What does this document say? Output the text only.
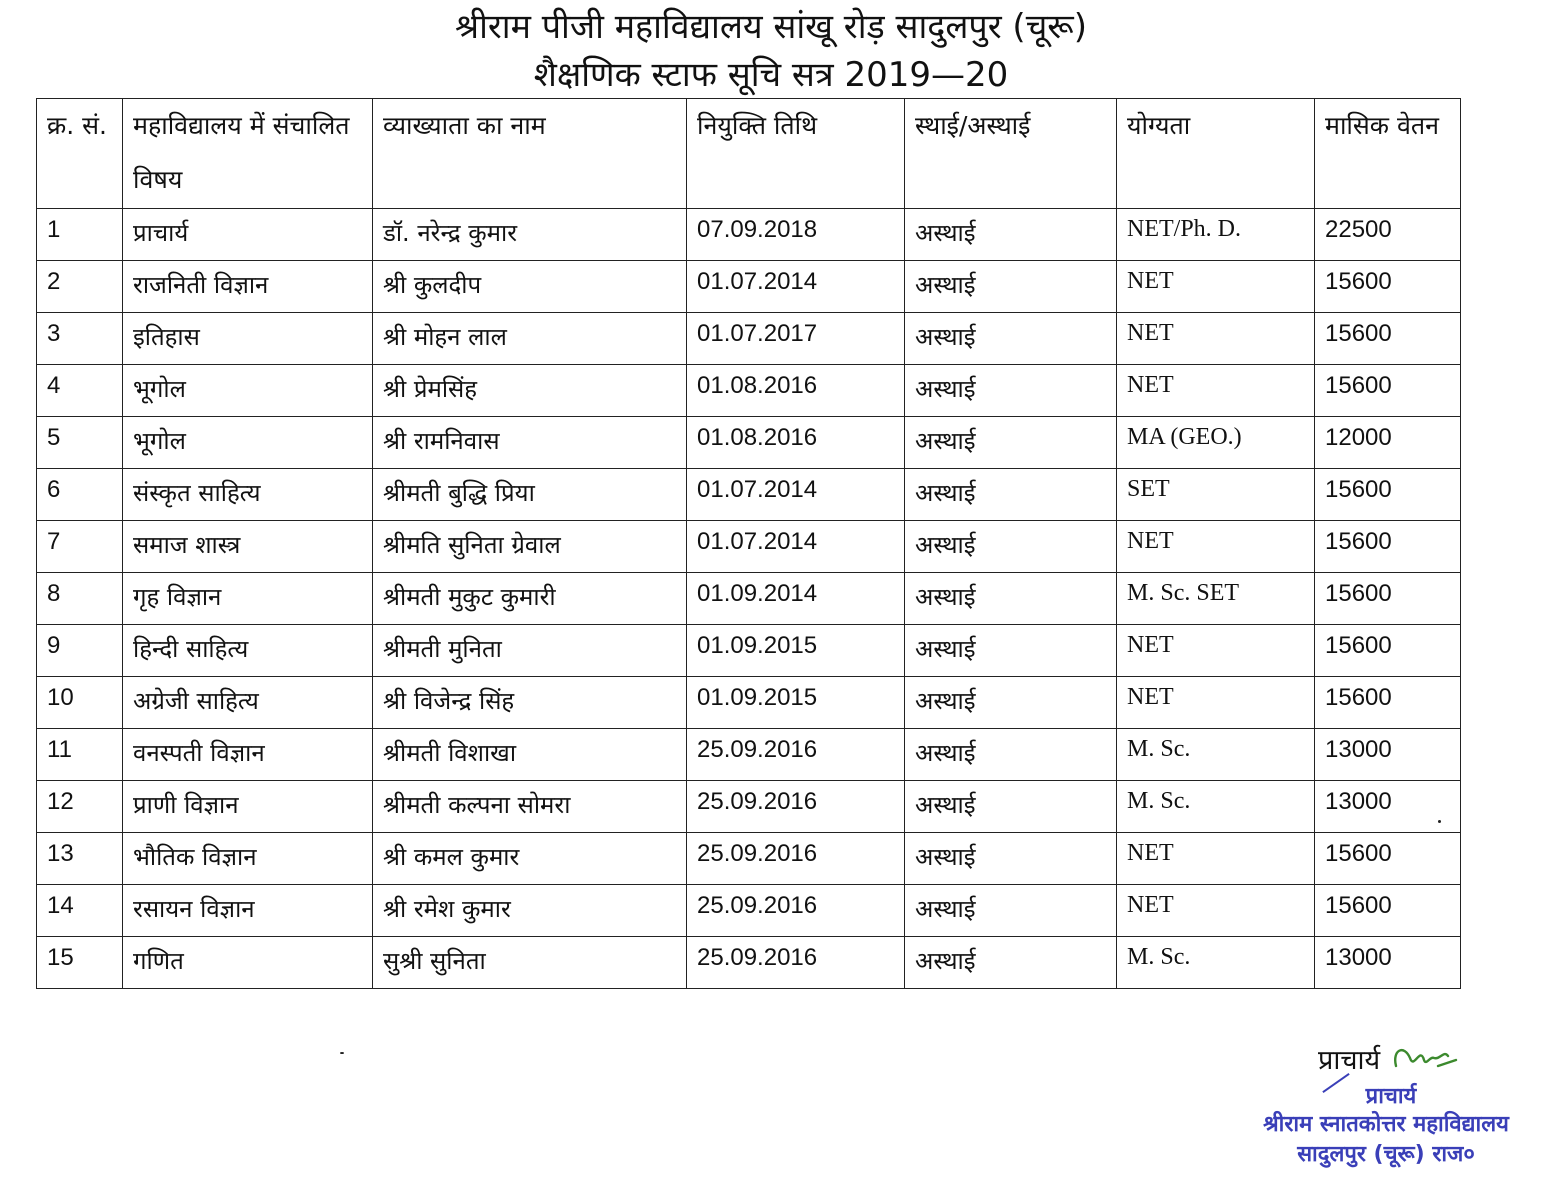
श्रीराम पीजी महाविद्यालय सांखू रोड़ सादुलपुर (चूरू)
शैक्षणिक स्टाफ सूचि सत्र 2019—20
क्र. सं.	महाविद्यालय में संचालित विषय	व्याख्याता का नाम	नियुक्ति तिथि	स्थाई/अस्थाई	योग्यता	मासिक वेतन
1	प्राचार्य	डॉ. नरेन्द्र कुमार	07.09.2018	अस्थाई	NET/Ph. D.	22500
2	राजनिती विज्ञान	श्री कुलदीप	01.07.2014	अस्थाई	NET	15600
3	इतिहास	श्री मोहन लाल	01.07.2017	अस्थाई	NET	15600
4	भूगोल	श्री प्रेमसिंह	01.08.2016	अस्थाई	NET	15600
5	भूगोल	श्री रामनिवास	01.08.2016	अस्थाई	MA (GEO.)	12000
6	संस्कृत साहित्य	श्रीमती बुद्धि प्रिया	01.07.2014	अस्थाई	SET	15600
7	समाज शास्त्र	श्रीमति सुनिता ग्रेवाल	01.07.2014	अस्थाई	NET	15600
8	गृह विज्ञान	श्रीमती मुकुट कुमारी	01.09.2014	अस्थाई	M. Sc. SET	15600
9	हिन्दी साहित्य	श्रीमती मुनिता	01.09.2015	अस्थाई	NET	15600
10	अग्रेजी साहित्य	श्री विजेन्द्र सिंह	01.09.2015	अस्थाई	NET	15600
11	वनस्पती विज्ञान	श्रीमती विशाखा	25.09.2016	अस्थाई	M. Sc.	13000
12	प्राणी विज्ञान	श्रीमती कल्पना सोमरा	25.09.2016	अस्थाई	M. Sc.	13000
13	भौतिक विज्ञान	श्री कमल कुमार	25.09.2016	अस्थाई	NET	15600
14	रसायन विज्ञान	श्री रमेश कुमार	25.09.2016	अस्थाई	NET	15600
15	गणित	सुश्री सुनिता	25.09.2016	अस्थाई	M. Sc.	13000
प्राचार्य
प्राचार्य
श्रीराम स्नातकोत्तर महाविद्यालय
सादुलपुर (चूरू) राज०
